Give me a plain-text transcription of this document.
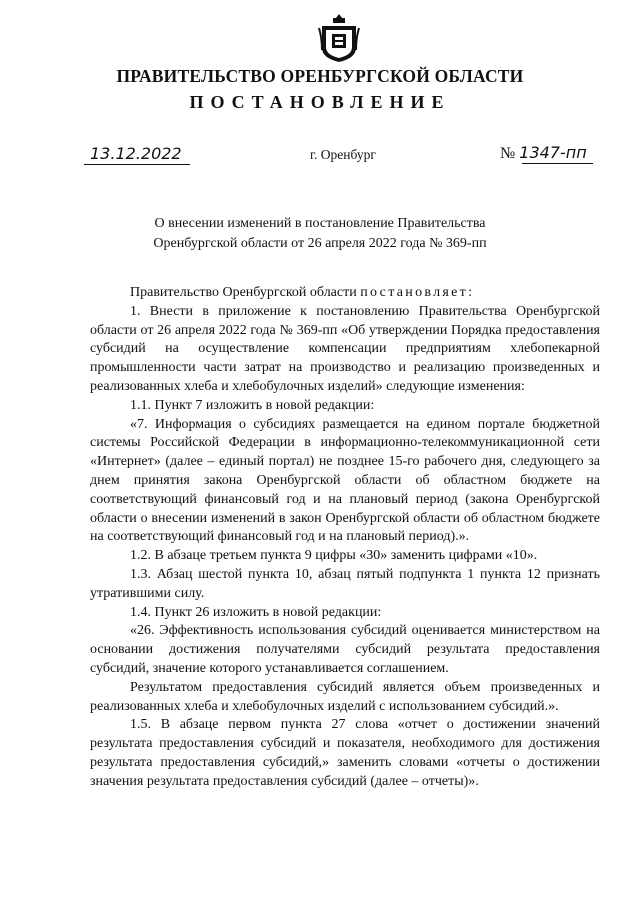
ПРАВИТЕЛЬСТВО ОРЕНБУРГСКОЙ ОБЛАСТИ
ПОСТАНОВЛЕНИЕ
13.12.2022	г. Оренбург	№ 1347-пп
О внесении изменений в постановление Правительства
Оренбургской области от 26 апреля 2022 года № 369-пп

Правительство Оренбургской области постановляет:

1. Внести в приложение к постановлению Правительства Оренбургской области от 26 апреля 2022 года № 369-пп «Об утверждении Порядка предоставления субсидий на осуществление компенсации предприятиям хлебопекарной промышленности части затрат на производство и реализацию произведенных и реализованных хлеба и хлебобулочных изделий» следующие изменения:

1.1. Пункт 7 изложить в новой редакции:

«7. Информация о субсидиях размещается на едином портале бюджетной системы Российской Федерации в информационно-телекоммуникационной сети «Интернет» (далее – единый портал) не позднее 15-го рабочего дня, следующего за днем принятия закона Оренбургской области об областном бюджете на соответствующий финансовый год и на плановый период (закона Оренбургской области о внесении изменений в закон Оренбургской области об областном бюджете на соответствующий финансовый год и на плановый период).».

1.2. В абзаце третьем пункта 9 цифры «30» заменить цифрами «10».

1.3. Абзац шестой пункта 10, абзац пятый подпункта 1 пункта 12 признать утратившими силу.

1.4. Пункт 26 изложить в новой редакции:

«26. Эффективность использования субсидий оценивается министерством на основании достижения получателями субсидий результата предоставления субсидий, значение которого устанавливается соглашением.

Результатом предоставления субсидий является объем произведенных и реализованных хлеба и хлебобулочных изделий с использованием субсидий.».

1.5. В абзаце первом пункта 27 слова «отчет о достижении значений результата предоставления субсидий и показателя, необходимого для достижения результата предоставления субсидий,» заменить словами «отчеты о достижении значения результата предоставления субсидий (далее – отчеты)».
